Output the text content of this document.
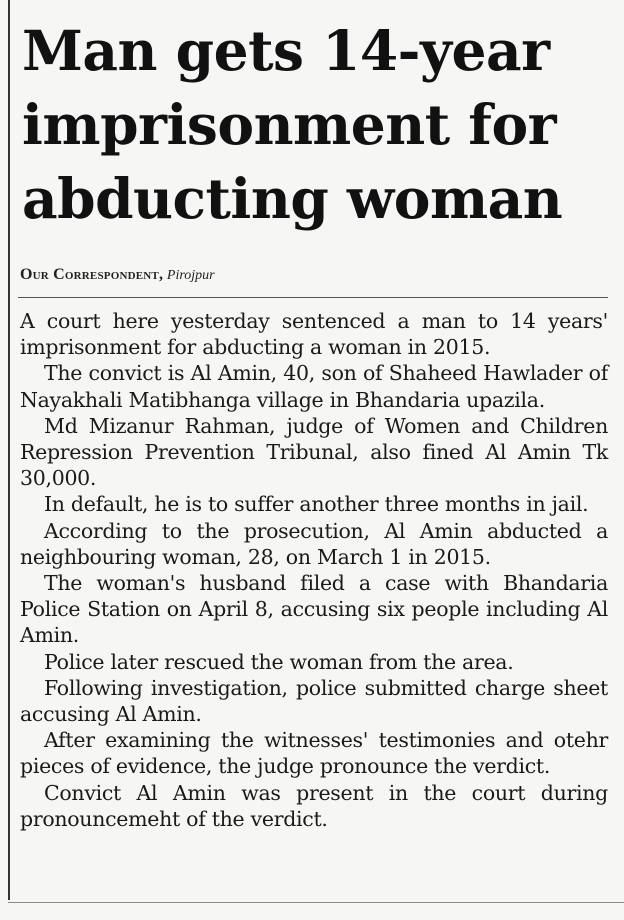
Man gets 14-year imprisonment for abducting woman
Our Correspondent, Pirojpur

A court here yesterday sentenced a man to 14 years' imprisonment for abducting a woman in 2015.

The convict is Al Amin, 40, son of Shaheed Hawlader of Nayakhali Matibhanga village in Bhandaria upazila.

Md Mizanur Rahman, judge of Women and Children Repression Prevention Tribunal, also fined Al Amin Tk 30,000.

In default, he is to suffer another three months in jail.

According to the prosecution, Al Amin abducted a neighbouring woman, 28, on March 1 in 2015.

The woman's husband filed a case with Bhandaria Police Station on April 8, accusing six people including Al Amin.

Police later rescued the woman from the area.

Following investigation, police submitted charge sheet accusing Al Amin.

After examining the witnesses' testimonies and otehr pieces of evidence, the judge pronounce the verdict.

Convict Al Amin was present in the court during pronouncemeht of the verdict.
